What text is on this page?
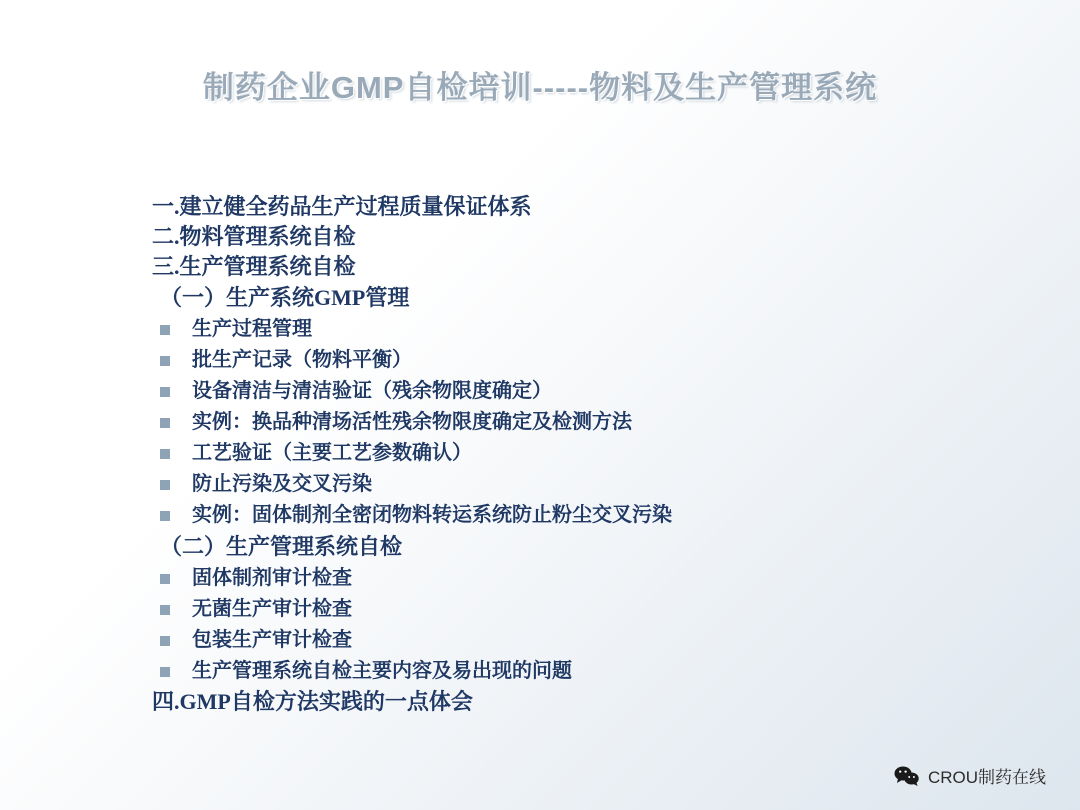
制药企业GMP自检培训-----物料及生产管理系统
一.建立健全药品生产过程质量保证体系
二.物料管理系统自检
三.生产管理系统自检
（一）生产系统GMP管理
生产过程管理
批生产记录（物料平衡）
设备清洁与清洁验证（残余物限度确定）
实例：换品种清场活性残余物限度确定及检测方法
工艺验证（主要工艺参数确认）
防止污染及交叉污染
实例：固体制剂全密闭物料转运系统防止粉尘交叉污染
（二）生产管理系统自检
固体制剂审计检查
无菌生产审计检查
包装生产审计检查
生产管理系统自检主要内容及易出现的问题
四.GMP自检方法实践的一点体会
CROU制药在线
